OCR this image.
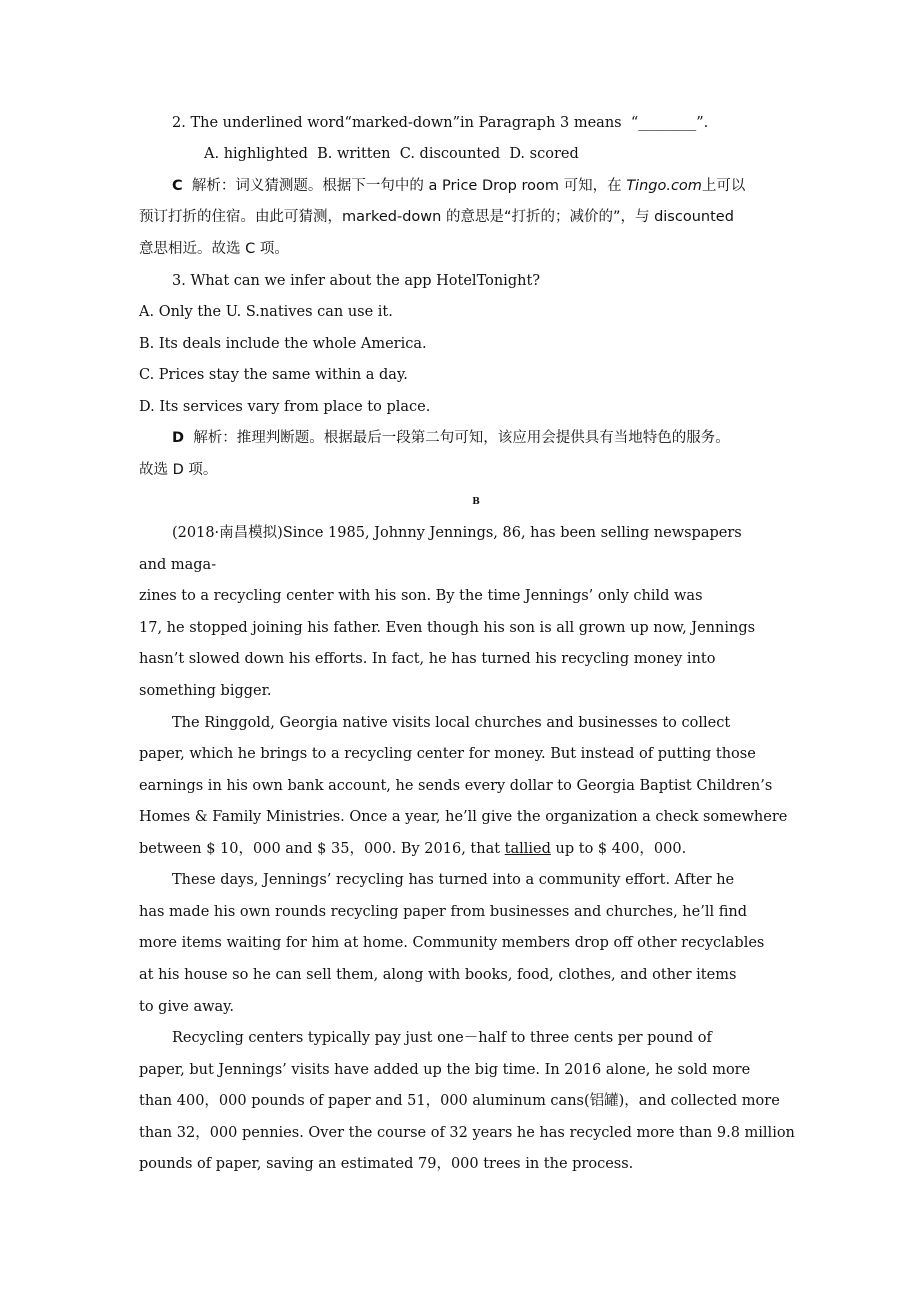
2. The underlined word“marked-down”in Paragraph 3 means  “________”.
A. highlighted  B. written  C. discounted  D. scored
C  解析：词义猜测题。根据下一句中的 a Price Drop room 可知，在 Tingo.com上可以
预订打折的住宿。由此可猜测，marked-down 的意思是“打折的；减价的”，与 discounted
意思相近。故选 C 项。
3. What can we infer about the app HotelTonight?
A. Only the U. S.natives can use it.
B. Its deals include the whole America.
C. Prices stay the same within a day.
D. Its services vary from place to place.
D  解析：推理判断题。根据最后一段第二句可知，该应用会提供具有当地特色的服务。
故选 D 项。
B
(2018·南昌模拟)Since 1985, Johnny Jennings, 86, has been selling newspapers
and maga-
zines to a recycling center with his son. By the time Jennings’ only child was
17, he stopped joining his father. Even though his son is all grown up now, Jennings
hasn’t slowed down his efforts. In fact, he has turned his recycling money into
something bigger.
The Ringgold, Georgia native visits local churches and businesses to collect
paper, which he brings to a recycling center for money. But instead of putting those
earnings in his own bank account, he sends every dollar to Georgia Baptist Children’s
Homes & Family Ministries. Once a year, he’ll give the organization a check somewhere
between $ 10，000 and $ 35，000. By 2016, that tallied up to $ 400，000.
These days, Jennings’ recycling has turned into a community effort. After he
has made his own rounds recycling paper from businesses and churches, he’ll find
more items waiting for him at home. Community members drop off other recyclables
at his house so he can sell them, along with books, food, clothes, and other items
to give away.
Recycling centers typically pay just one－half to three cents per pound of
paper, but Jennings’ visits have added up the big time. In 2016 alone, he sold more
than 400，000 pounds of paper and 51，000 aluminum cans(铝罐)，and collected more
than 32，000 pennies. Over the course of 32 years he has recycled more than 9.8 million
pounds of paper, saving an estimated 79，000 trees in the process.
